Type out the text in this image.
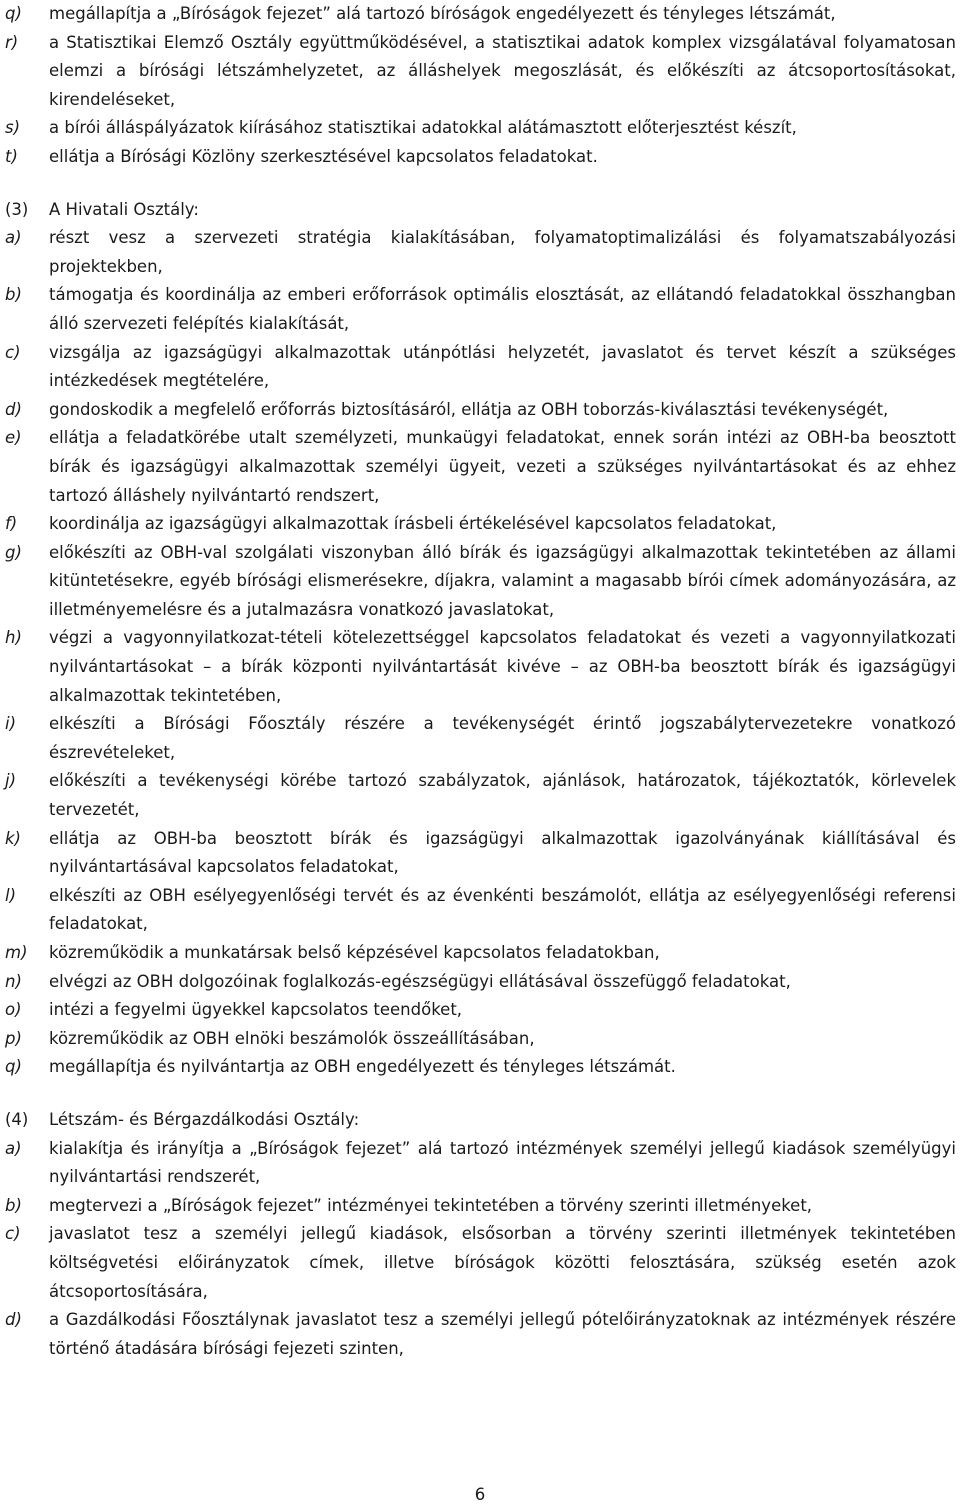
q)	megállapítja a „Bíróságok fejezet” alá tartozó bíróságok engedélyezett és tényleges létszámát,
r)	a Statisztikai Elemző Osztály együttműködésével, a statisztikai adatok komplex vizsgálatával folyamatosan elemzi a bírósági létszámhelyzetet, az álláshelyek megoszlását, és előkészíti az átcsoportosításokat, kirendeléseket,
s)	a bírói álláspályázatok kiírásához statisztikai adatokkal alátámasztott előterjesztést készít,
t)	ellátja a Bírósági Közlöny szerkesztésével kapcsolatos feladatokat.
(3)	A Hivatali Osztály:
a)	részt vesz a szervezeti stratégia kialakításában, folyamatoptimalizálási és folyamatszabályozási projektekben,
b)	támogatja és koordinálja az emberi erőforrások optimális elosztását, az ellátandó feladatokkal összhangban álló szervezeti felépítés kialakítását,
c)	vizsgálja az igazságügyi alkalmazottak utánpótlási helyzetét, javaslatot és tervet készít a szükséges intézkedések megtételére,
d)	gondoskodik a megfelelő erőforrás biztosításáról, ellátja az OBH toborzás-kiválasztási tevékenységét,
e)	ellátja a feladatkörébe utalt személyzeti, munkaügyi feladatokat, ennek során intézi az OBH-ba beosztott bírák és igazságügyi alkalmazottak személyi ügyeit, vezeti a szükséges nyilvántartásokat és az ehhez tartozó álláshely nyilvántartó rendszert,
f)	koordinálja az igazságügyi alkalmazottak írásbeli értékelésével kapcsolatos feladatokat,
g)	előkészíti az OBH-val szolgálati viszonyban álló bírák és igazságügyi alkalmazottak tekintetében az állami kitüntetésekre, egyéb bírósági elismerésekre, díjakra, valamint a magasabb bírói címek adományozására, az illetményemelésre és a jutalmazásra vonatkozó javaslatokat,
h)	végzi a vagyonnyilatkozat-tételi kötelezettséggel kapcsolatos feladatokat és vezeti a vagyonnyilatkozati nyilvántartásokat – a bírák központi nyilvántartását kivéve – az OBH-ba beosztott bírák és igazságügyi alkalmazottak tekintetében,
i)	elkészíti a Bírósági Főosztály részére a tevékenységét érintő jogszabálytervezetekre vonatkozó észrevételeket,
j)	előkészíti a tevékenységi körébe tartozó szabályzatok, ajánlások, határozatok, tájékoztatók, körlevelek tervezetét,
k)	ellátja az OBH-ba beosztott bírák és igazságügyi alkalmazottak igazolványának kiállításával és nyilvántartásával kapcsolatos feladatokat,
l)	elkészíti az OBH esélyegyenlőségi tervét és az évenkénti beszámolót, ellátja az esélyegyenlőségi referensi feladatokat,
m)	közreműködik a munkatársak belső képzésével kapcsolatos feladatokban,
n)	elvégzi az OBH dolgozóinak foglalkozás-egészségügyi ellátásával összefüggő feladatokat,
o)	intézi a fegyelmi ügyekkel kapcsolatos teendőket,
p)	közreműködik az OBH elnöki beszámolók összeállításában,
q)	megállapítja és nyilvántartja az OBH engedélyezett és tényleges létszámát.
(4)	Létszám- és Bérgazdálkodási Osztály:
a)	kialakítja és irányítja a „Bíróságok fejezet” alá tartozó intézmények személyi jellegű kiadások személyügyi nyilvántartási rendszerét,
b)	megtervezi a „Bíróságok fejezet” intézményei tekintetében a törvény szerinti illetményeket,
c)	javaslatot tesz a személyi jellegű kiadások, elsősorban a törvény szerinti illetmények tekintetében költségvetési előirányzatok címek, illetve bíróságok közötti felosztására, szükség esetén azok átcsoportosítására,
d)	a Gazdálkodási Főosztálynak javaslatot tesz a személyi jellegű pótelőirányzatoknak az intézmények részére történő átadására bírósági fejezeti szinten,
6
